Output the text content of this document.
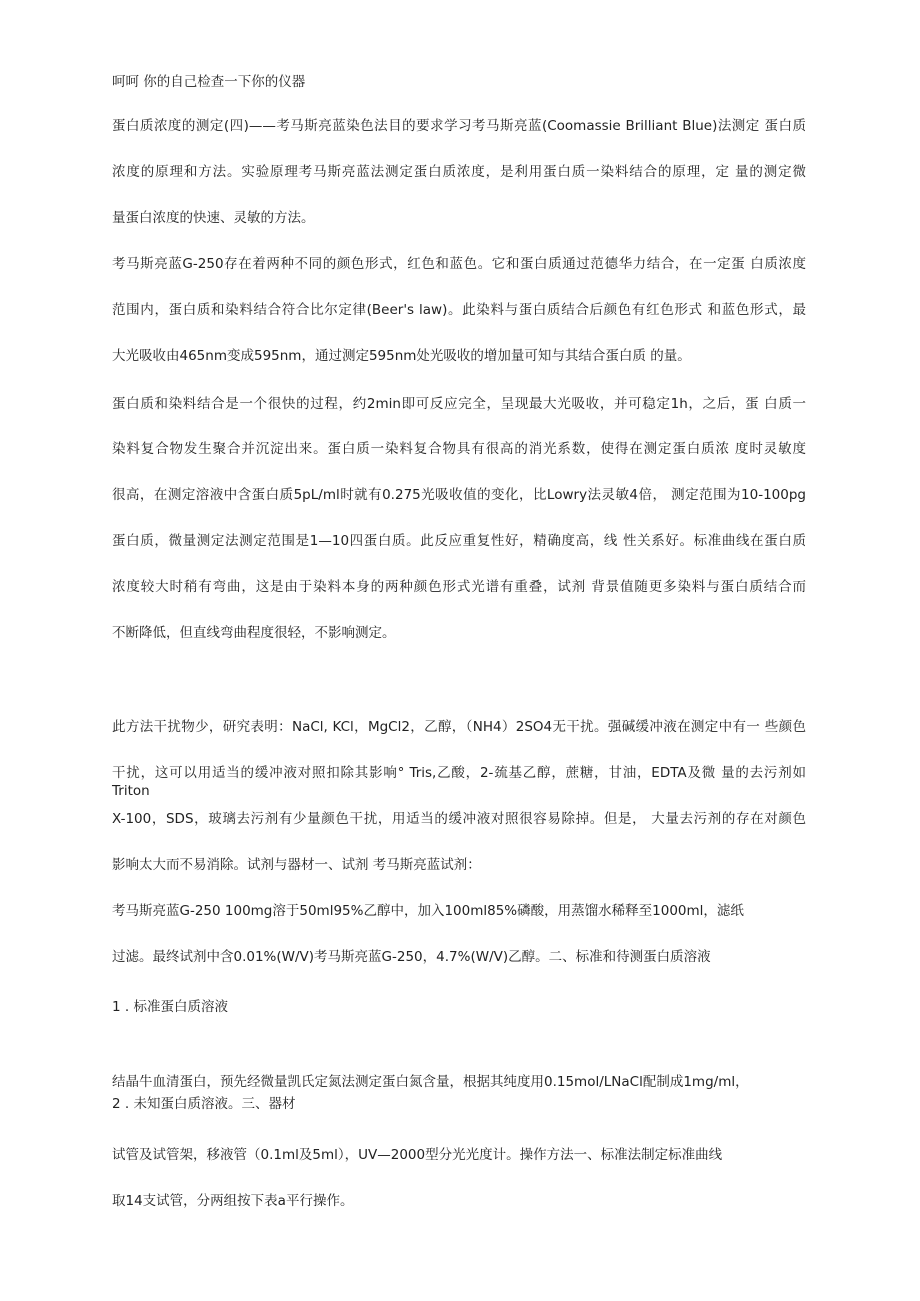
呵呵 你的自己检查一下你的仪器
蛋白质浓度的测定(四)——考马斯亮蓝染色法目的要求学习考马斯亮蓝(Coomassie Brilliant Blue)法测定 蛋白质
浓度的原理和方法。实验原理考马斯亮蓝法测定蛋白质浓度，是利用蛋白质一染料结合的原理，定 量的测定微
量蛋白浓度的快速、灵敏的方法。
考马斯亮蓝G-250存在着两种不同的颜色形式，红色和蓝色。它和蛋白质通过范德华力结合，在一定蛋 白质浓度
范围内，蛋白质和染料结合符合比尔定律(Beer's law)。此染料与蛋白质结合后颜色有红色形式 和蓝色形式，最
大光吸收由465nm变成595nm，通过测定595nm处光吸收的增加量可知与其结合蛋白质 的量。
蛋白质和染料结合是一个很快的过程，约2min即可反应完全，呈现最大光吸收，并可稳定1h，之后，蛋 白质一
染料复合物发生聚合并沉淀出来。蛋白质一染料复合物具有很高的消光系数，使得在测定蛋白质浓 度时灵敏度
很高，在测定溶液中含蛋白质5pL/ml时就有0.275光吸收值的变化，比Lowry法灵敏4倍， 测定范围为10-100pg
蛋白质，微量测定法测定范围是1—10四蛋白质。此反应重复性好，精确度高，线 性关系好。标准曲线在蛋白质
浓度较大时稍有弯曲，这是由于染料本身的两种颜色形式光谱有重叠，试剂 背景值随更多染料与蛋白质结合而
不断降低，但直线弯曲程度很轻，不影响测定。
此方法干扰物少，研究表明：NaCl, KCl，MgCl2，乙醇，（NH4）2SO4无干扰。强碱缓冲液在测定中有一 些颜色
干扰，这可以用适当的缓冲液对照扣除其影响° Tris,乙酸，2-巯基乙醇，蔗糖，甘油，EDTA及微 量的去污剂如Triton
X-100，SDS，玻璃去污剂有少量颜色干扰，用适当的缓冲液对照很容易除掉。但是， 大量去污剂的存在对颜色
影响太大而不易消除。试剂与器材一、试剂 考马斯亮蓝试剂：
考马斯亮蓝G-250 100mg溶于50ml95%乙醇中，加入100ml85%磷酸，用蒸馏水稀释至1000ml，滤纸
过滤。最终试剂中含0.01%(W/V)考马斯亮蓝G-250，4.7%(W/V)乙醇。二、标准和待测蛋白质溶液
1 . 标准蛋白质溶液
结晶牛血清蛋白，预先经微量凯氏定氮法测定蛋白氮含量，根据其纯度用0.15mol/LNaCl配制成1mg/ml，
2 . 未知蛋白质溶液。三、器材
试管及试管架，移液管（0.1ml及5ml），UV—2000型分光光度计。操作方法一、标准法制定标准曲线
取14支试管，分两组按下表a平行操作。
